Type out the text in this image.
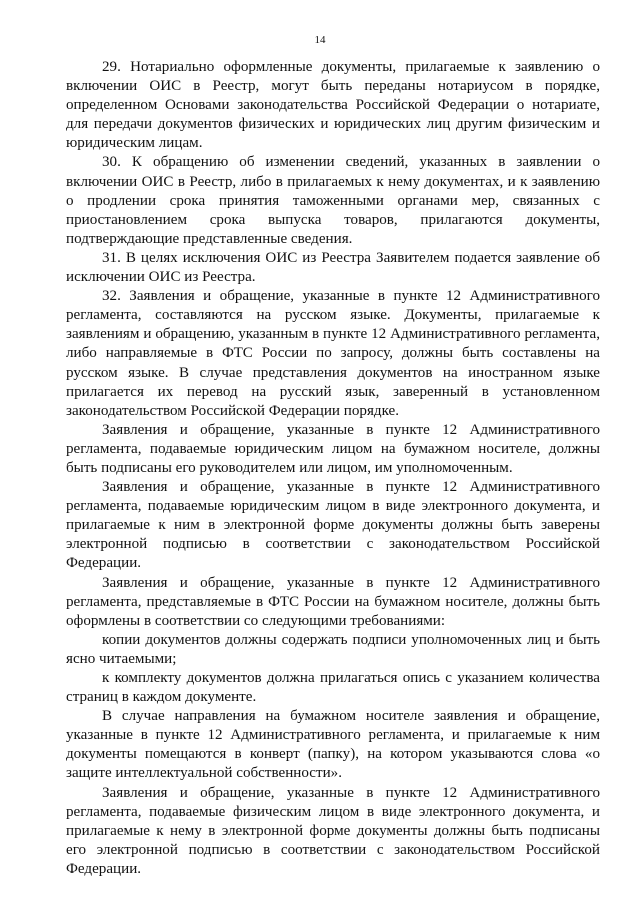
14

29. Нотариально оформленные документы, прилагаемые к заявлению о включении ОИС в Реестр, могут быть переданы нотариусом в порядке, определенном Основами законодательства Российской Федерации о нотариате, для передачи документов физических и юридических лиц другим физическим и юридическим лицам.

30. К обращению об изменении сведений, указанных в заявлении о включении ОИС в Реестр, либо в прилагаемых к нему документах, и к заявлению о продлении срока принятия таможенными органами мер, связанных с приостановлением срока выпуска товаров, прилагаются документы, подтверждающие представленные сведения.

31. В целях исключения ОИС из Реестра Заявителем подается заявление об исключении ОИС из Реестра.

32. Заявления и обращение, указанные в пункте 12 Административного регламента, составляются на русском языке. Документы, прилагаемые к заявлениям и обращению, указанным в пункте 12 Административного регламента, либо направляемые в ФТС России по запросу, должны быть составлены на русском языке. В случае представления документов на иностранном языке прилагается их перевод на русский язык, заверенный в установленном законодательством Российской Федерации порядке.

Заявления и обращение, указанные в пункте 12 Административного регламента, подаваемые юридическим лицом на бумажном носителе, должны быть подписаны его руководителем или лицом, им уполномоченным.

Заявления и обращение, указанные в пункте 12 Административного регламента, подаваемые юридическим лицом в виде электронного документа, и прилагаемые к ним в электронной форме документы должны быть заверены электронной подписью в соответствии с законодательством Российской Федерации.

Заявления и обращение, указанные в пункте 12 Административного регламента, представляемые в ФТС России на бумажном носителе, должны быть оформлены в соответствии со следующими требованиями:

копии документов должны содержать подписи уполномоченных лиц и быть ясно читаемыми;

к комплекту документов должна прилагаться опись с указанием количества страниц в каждом документе.

В случае направления на бумажном носителе заявления и обращение, указанные в пункте 12 Административного регламента, и прилагаемые к ним документы помещаются в конверт (папку), на котором указываются слова «о защите интеллектуальной собственности».

Заявления и обращение, указанные в пункте 12 Административного регламента, подаваемые физическим лицом в виде электронного документа, и прилагаемые к нему в электронной форме документы должны быть подписаны его электронной подписью в соответствии с законодательством Российской Федерации.
